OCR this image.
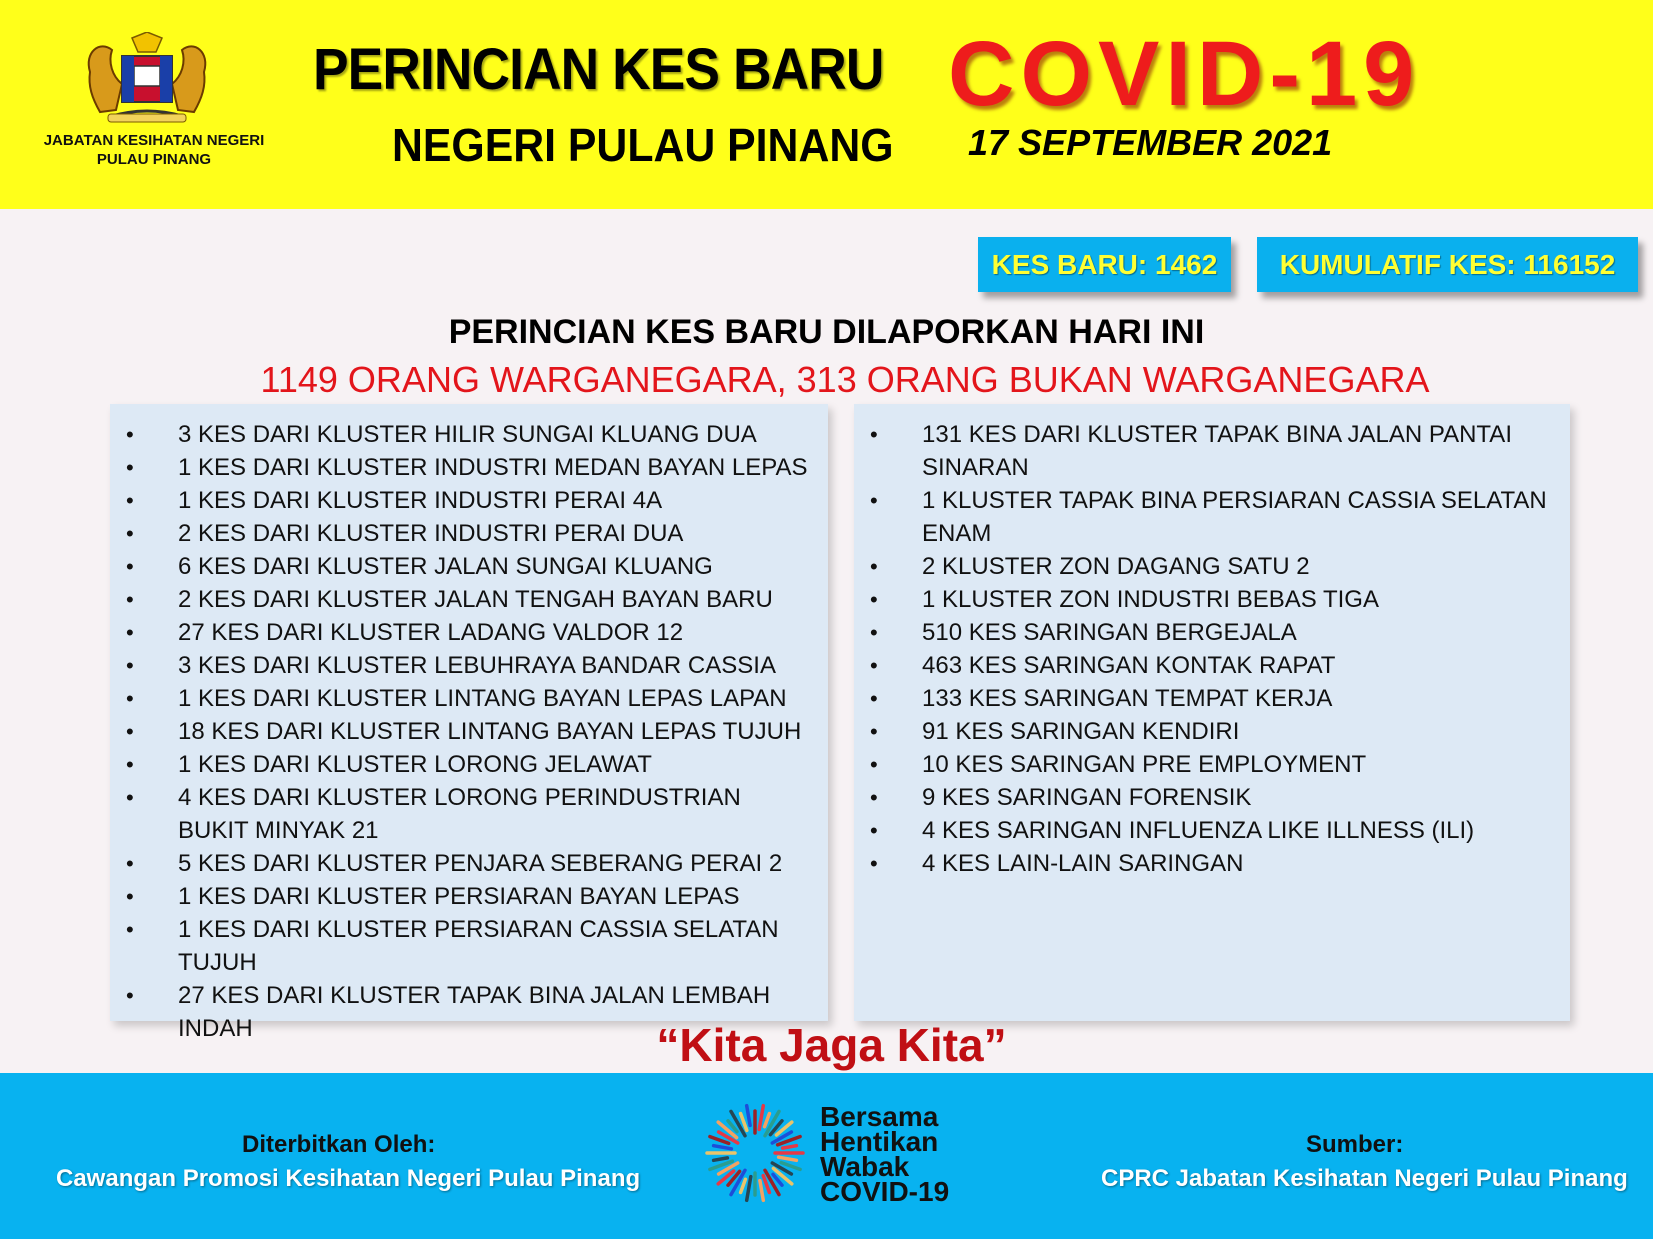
JABATAN KESIHATAN NEGERI
PULAU PINANG
PERINCIAN KES BARU COVID-19
NEGERI PULAU PINANG 17 SEPTEMBER 2021
KES BARU: 1462	KUMULATIF KES: 116152
PERINCIAN KES BARU DILAPORKAN HARI INI
1149 ORANG WARGANEGARA, 313 ORANG BUKAN WARGANEGARA
• 3 KES DARI KLUSTER HILIR SUNGAI KLUANG DUA
• 1 KES DARI KLUSTER INDUSTRI MEDAN BAYAN LEPAS
• 1 KES DARI KLUSTER INDUSTRI PERAI 4A
• 2 KES DARI KLUSTER INDUSTRI PERAI DUA
• 6 KES DARI KLUSTER JALAN SUNGAI KLUANG
• 2 KES DARI KLUSTER JALAN TENGAH BAYAN BARU
• 27 KES DARI KLUSTER LADANG VALDOR 12
• 3 KES DARI KLUSTER LEBUHRAYA BANDAR CASSIA
• 1 KES DARI KLUSTER LINTANG BAYAN LEPAS LAPAN
• 18 KES DARI KLUSTER LINTANG BAYAN LEPAS TUJUH
• 1 KES DARI KLUSTER LORONG JELAWAT
• 4 KES DARI KLUSTER LORONG PERINDUSTRIAN BUKIT MINYAK 21
• 5 KES DARI KLUSTER PENJARA SEBERANG PERAI 2
• 1 KES DARI KLUSTER PERSIARAN BAYAN LEPAS
• 1 KES DARI KLUSTER PERSIARAN CASSIA SELATAN TUJUH
• 27 KES DARI KLUSTER TAPAK BINA JALAN LEMBAH INDAH
• 131 KES DARI KLUSTER TAPAK BINA JALAN PANTAI SINARAN
• 1 KLUSTER TAPAK BINA PERSIARAN CASSIA SELATAN ENAM
• 2 KLUSTER ZON DAGANG SATU 2
• 1 KLUSTER ZON INDUSTRI BEBAS TIGA
• 510 KES SARINGAN BERGEJALA
• 463 KES SARINGAN KONTAK RAPAT
• 133 KES SARINGAN TEMPAT KERJA
• 91 KES SARINGAN KENDIRI
• 10 KES SARINGAN PRE EMPLOYMENT
• 9 KES SARINGAN FORENSIK
• 4 KES SARINGAN INFLUENZA LIKE ILLNESS (ILI)
• 4 KES LAIN-LAIN SARINGAN
“Kita Jaga Kita”
Diterbitkan Oleh:
Cawangan Promosi Kesihatan Negeri Pulau Pinang
Bersama
Hentikan
Wabak
COVID-19
Sumber:
CPRC Jabatan Kesihatan Negeri Pulau Pinang
